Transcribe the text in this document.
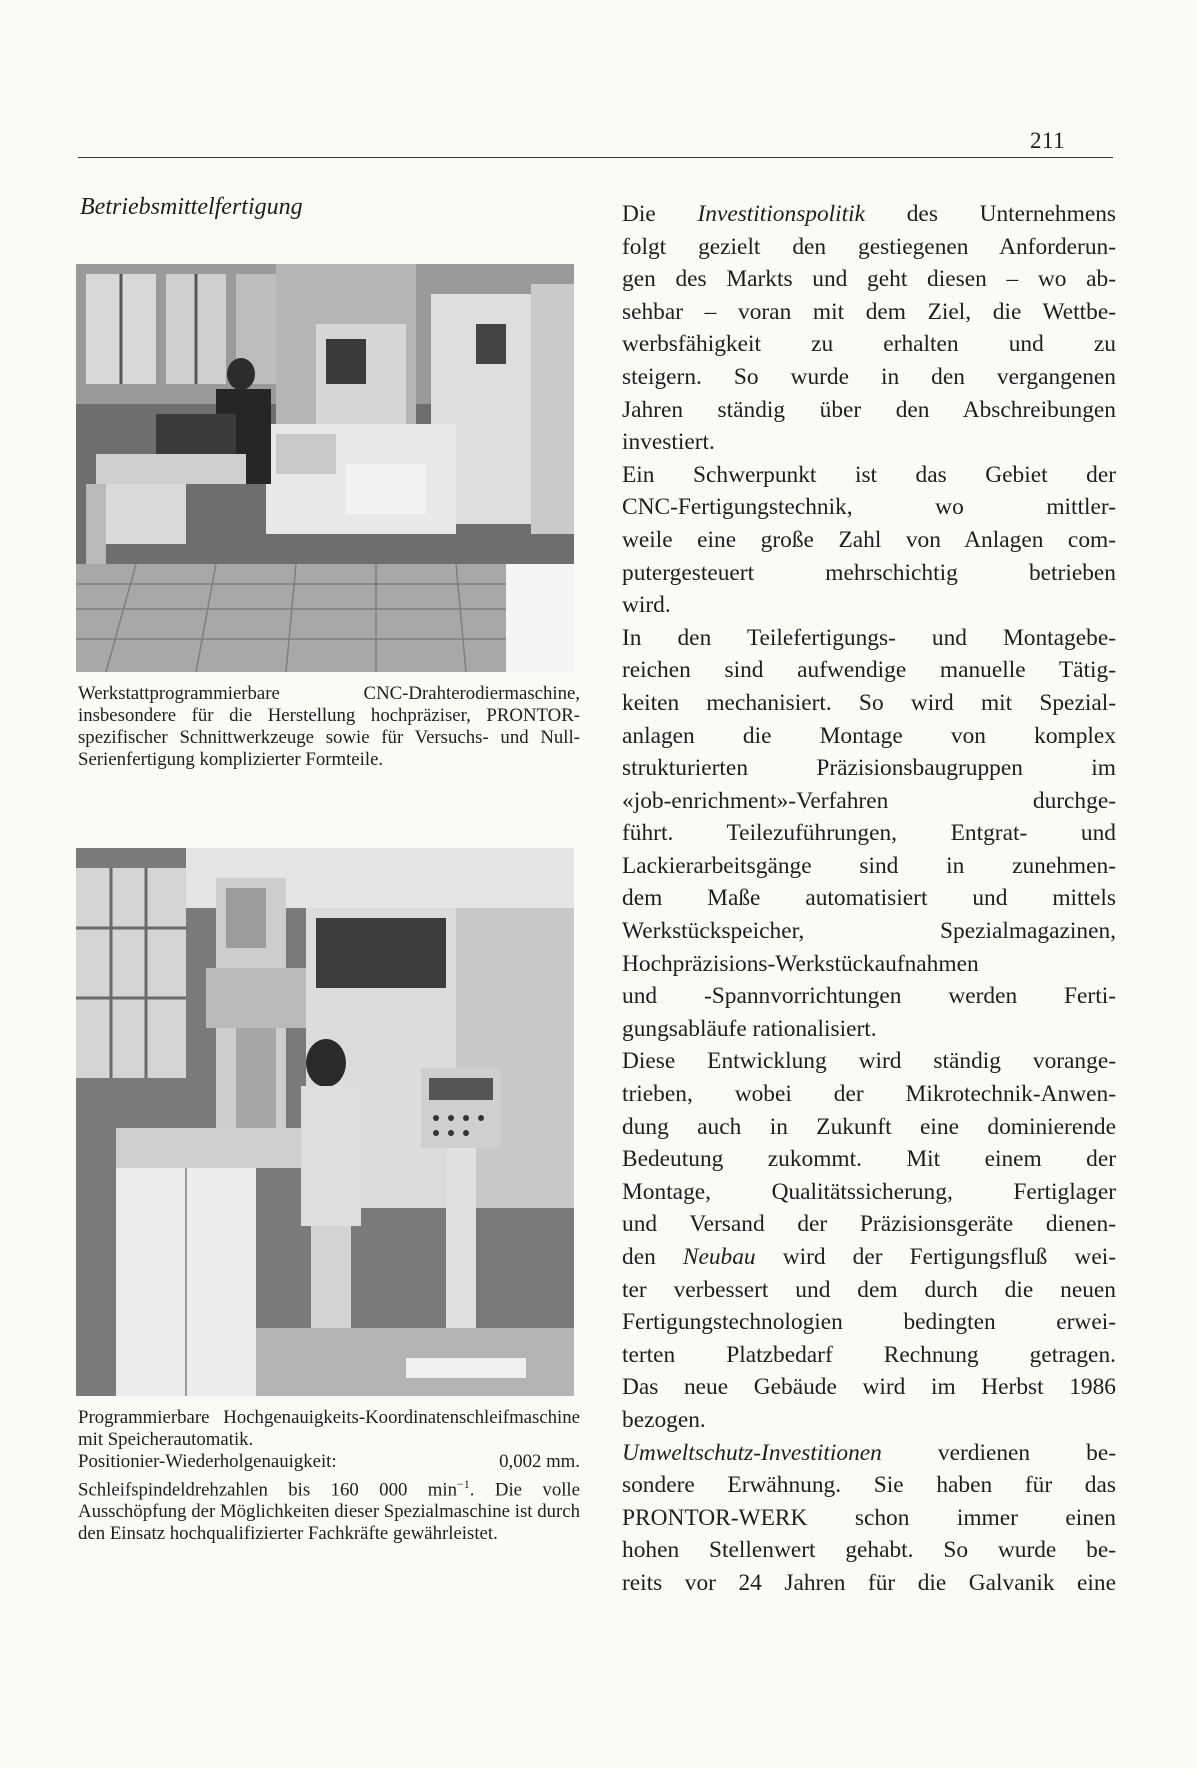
211
Betriebsmittelfertigung

Werkstattprogrammierbare CNC-Drahterodiermaschine, insbesondere für die Herstellung hochpräziser, PRONTOR- spezifischer Schnittwerkzeuge sowie für Versuchs- und Null-Serienfertigung komplizierter Formteile.

Programmierbare Hochgenauigkeits-Koordinatenschleifmaschine mit Speicherautomatik.

Positionier-Wiederholgenauigkeit:	0,002 mm.

Schleifspindeldrehzahlen bis 160 000 $\min^{-1}$. Die volle Ausschöpfung der Möglichkeiten dieser Spezialmaschine ist durch den Einsatz hochqualifizierter Fachkräfte gewährleistet.

Die Investitionspolitik des Unternehmens
folgt gezielt den gestiegenen Anforderun-
gen des Markts und geht diesen – wo ab-
sehbar – voran mit dem Ziel, die Wettbe-
werbsfähigkeit zu erhalten und zu
steigern. So wurde in den vergangenen
Jahren ständig über den Abschreibungen
investiert.
Ein Schwerpunkt ist das Gebiet der
CNC-Fertigungstechnik, wo mittler-
weile eine große Zahl von Anlagen com-
putergesteuert mehrschichtig betrieben
wird.
In den Teilefertigungs- und Montagebe-
reichen sind aufwendige manuelle Tätig-
keiten mechanisiert. So wird mit Spezial-
anlagen die Montage von komplex
strukturierten Präzisionsbaugruppen im
«job-enrichment»-Verfahren durchge-
führt. Teilezuführungen, Entgrat- und
Lackierarbeitsgänge sind in zunehmen-
dem Maße automatisiert und mittels
Werkstückspeicher, Spezialmagazinen,
Hochpräzisions-Werkstückaufnahmen
und -Spannvorrichtungen werden Ferti-
gungsabläufe rationalisiert.
Diese Entwicklung wird ständig vorange-
trieben, wobei der Mikrotechnik-Anwen-
dung auch in Zukunft eine dominierende
Bedeutung zukommt. Mit einem der
Montage, Qualitätssicherung, Fertiglager
und Versand der Präzisionsgeräte dienen-
den Neubau wird der Fertigungsfluß wei-
ter verbessert und dem durch die neuen
Fertigungstechnologien bedingten erwei-
terten Platzbedarf Rechnung getragen.
Das neue Gebäude wird im Herbst 1986
bezogen.
Umweltschutz-Investitionen verdienen be-
sondere Erwähnung. Sie haben für das
PRONTOR-WERK schon immer einen
hohen Stellenwert gehabt. So wurde be-
reits vor 24 Jahren für die Galvanik eine
